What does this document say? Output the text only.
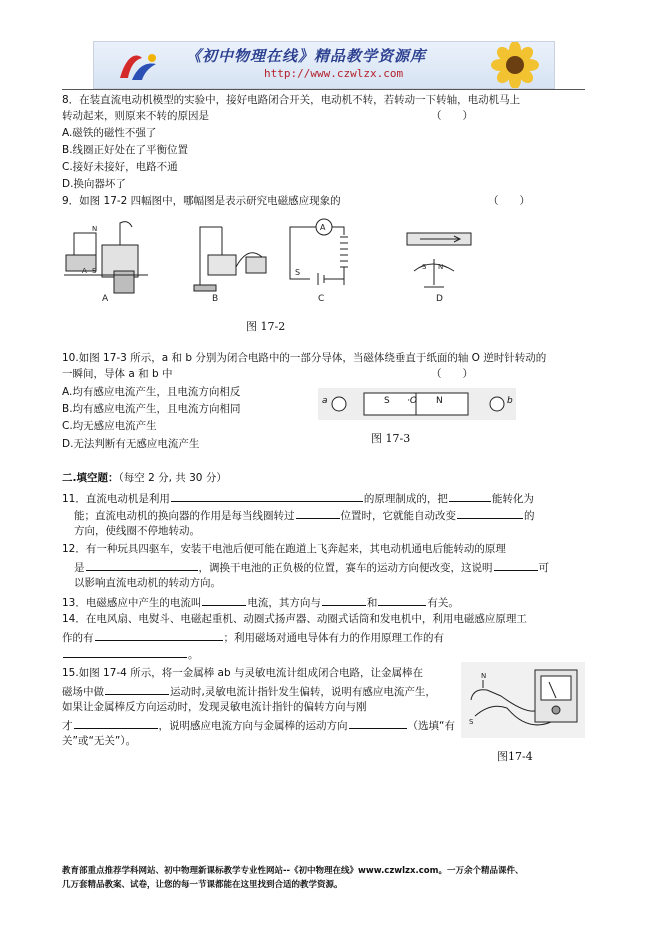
《初中物理在线》精品教学资源库
http://www.czwlzx.com
8．在装直流电动机模型的实验中，接好电路闭合开关，电动机不转，若转动一下转轴，电动机马上
转动起来，则原来不转的原因是	（　　）
A.磁铁的磁性不强了
B.线圈正好处在了平衡位置
C.接好未接好，电路不通
D.换向器坏了
9．如图 17-2 四幅图中，哪幅图是表示研究电磁感应现象的	（　　）
N
A S
A	B
A
S
C
S N
D
图 17-2
10.如图 17-3 所示，a 和 b 分别为闭合电路中的一部分导体，当磁体绕垂直于纸面的轴 O 逆时针转动的
一瞬间，导体 a 和 b 中	（　　）
A.均有感应电流产生，且电流方向相反
B.均有感应电流产生，且电流方向相同
C.均无感应电流产生
D.无法判断有无感应电流产生
a	S ·O N	b
图 17-3
二.填空题：（每空 2 分, 共 30 分）
11．直流电动机是利用	的原理制成的，把	能转化为
能；直流电动机的换向器的作用是每当线圈转过	位置时，它就能自动改变	的
方向，使线圈不停地转动。
12．有一种玩具四驱车，安装干电池后便可能在跑道上飞奔起来，其电动机通电后能转动的原理
是	，调换干电池的正负极的位置，赛车的运动方向便改变，这说明	可
以影响直流电动机的转动方向。
13．电磁感应中产生的电流叫	电流，其方向与	和	有关。
14．在电风扇、电熨斗、电磁起重机、动圈式扬声器、动圈式话筒和发电机中，利用电磁感应原理工
作的有	；利用磁场对通电导体有力的作用原理工作的有
。
15.如图 17-4 所示，将一金属棒 ab 与灵敏电流计组成闭合电路，让金属棒在
磁场中做	运动时,灵敏电流计指针发生偏转，说明有感应电流产生，
如果让金属棒反方向运动时，发现灵敏电流计指针的偏转方向与刚
才	，说明感应电流方向与金属棒的运动方向	（选填“有
关”或“无关”）。
N
S
图17-4
教育部重点推荐学科网站、初中物理新课标教学专业性网站--《初中物理在线》www.czwlzx.com。一万余个精品课件、
几万套精品教案、试卷，让您的每一节课都能在这里找到合适的教学资源。
